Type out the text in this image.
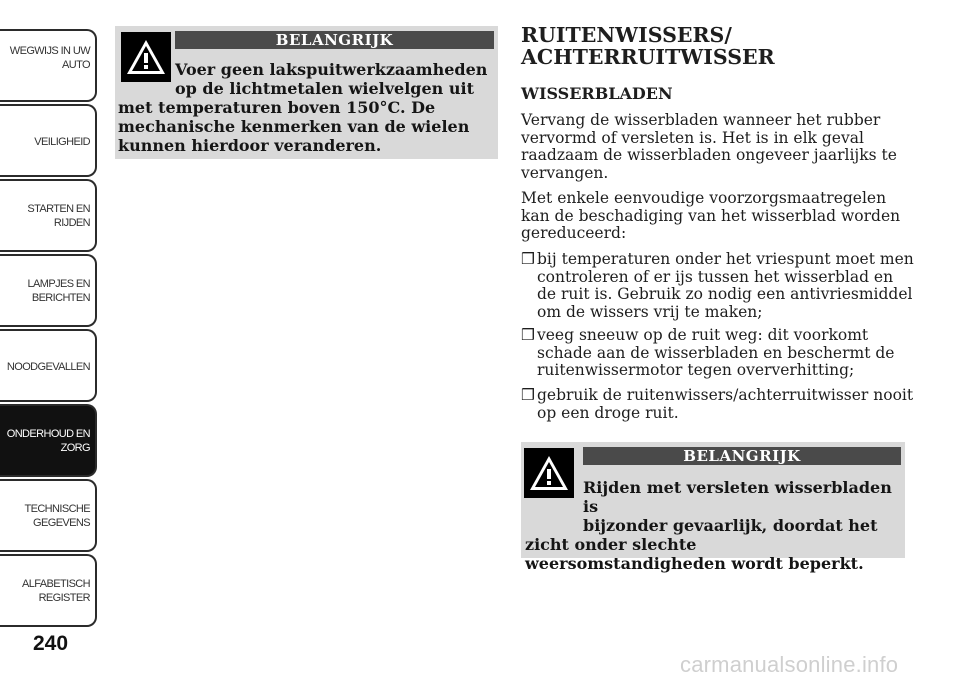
WEGWIJS IN UW
AUTO
VEILIGHEID
STARTEN EN
RIJDEN
LAMPJES EN
BERICHTEN
NOODGEVALLEN
ONDERHOUD EN
ZORG
TECHNISCHE
GEGEVENS
ALFABETISCH
REGISTER
240
BELANGRIJK
Voer geen lakspuitwerkzaamheden
op de lichtmetalen wielvelgen uit met temperaturen boven 150°C. De mechanische kenmerken van de wielen kunnen hierdoor veranderen.
RUITENWISSERS/ ACHTERRUITWISSER
WISSERBLADEN

Vervang de wisserbladen wanneer het rubber vervormd of versleten is. Het is in elk geval raadzaam de wisserbladen ongeveer jaarlijks te vervangen.

Met enkele eenvoudige voorzorgsmaatregelen kan de beschadiging van het wisserblad worden gereduceerd:

❒ bij temperaturen onder het vriespunt moet men controleren of er ijs tussen het wisserblad en de ruit is. Gebruik zo nodig een antivriesmiddel om de wissers vrij te maken;
❒ veeg sneeuw op de ruit weg: dit voorkomt schade aan de wisserbladen en beschermt de ruitenwissermotor tegen oververhitting;
❒ gebruik de ruitenwissers/achterruitwisser nooit op een droge ruit.
BELANGRIJK
Rijden met versleten wisserbladen is
bijzonder gevaarlijk, doordat het zicht onder slechte weersomstandigheden wordt beperkt.
carmanualsonline.info
